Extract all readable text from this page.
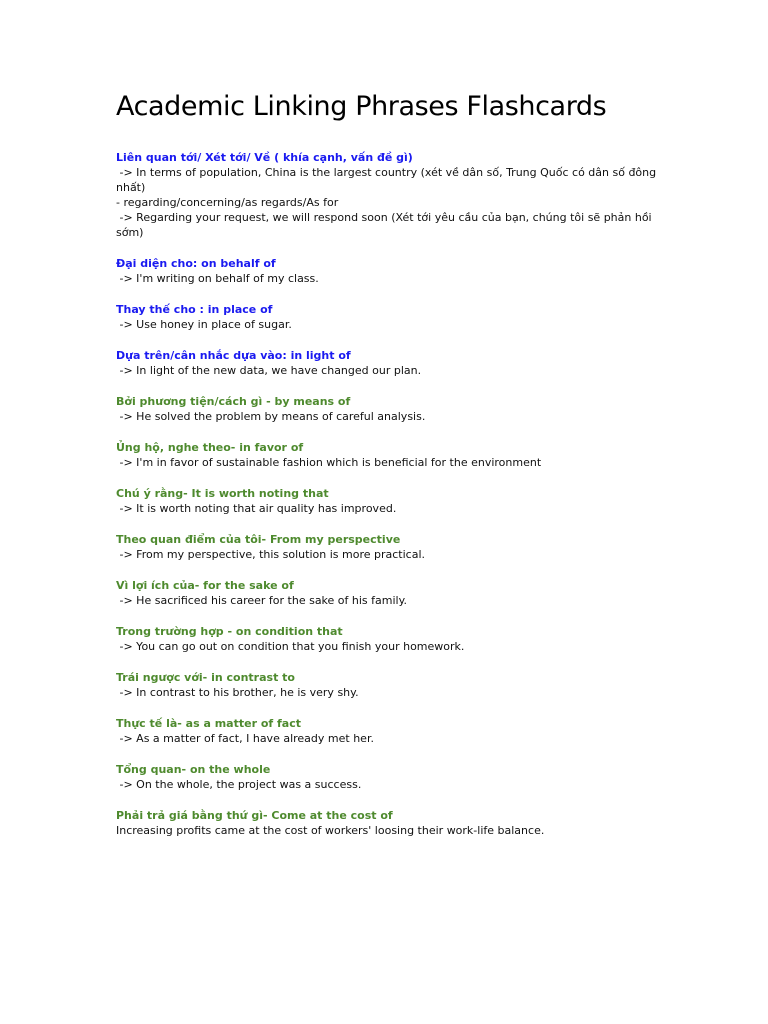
Academic Linking Phrases Flashcards
Liên quan tới/ Xét tới/ Về ( khía cạnh, vấn đề gì)
-> In terms of population, China is the largest country (xét về dân số, Trung Quốc có dân số đông nhất)
- regarding/concerning/as regards/As for
-> Regarding your request, we will respond soon (Xét tới yêu cầu của bạn, chúng tôi sẽ phản hồi sớm)
Đại diện cho: on behalf of
-> I'm writing on behalf of my class.
Thay thế cho : in place of
-> Use honey in place of sugar.
Dựa trên/cân nhắc dựa vào: in light of
-> In light of the new data, we have changed our plan.
Bởi phương tiện/cách gì - by means of
-> He solved the problem by means of careful analysis.
Ủng hộ, nghe theo- in favor of
-> I'm in favor of sustainable fashion which is beneficial for the environment
Chú ý rằng- It is worth noting that
-> It is worth noting that air quality has improved.
Theo quan điểm của tôi- From my perspective
-> From my perspective, this solution is more practical.
Vì lợi ích của- for the sake of
-> He sacrificed his career for the sake of his family.
Trong trường hợp - on condition that
-> You can go out on condition that you finish your homework.
Trái ngược với- in contrast to
-> In contrast to his brother, he is very shy.
Thực tế là- as a matter of fact
-> As a matter of fact, I have already met her.
Tổng quan- on the whole
-> On the whole, the project was a success.
Phải trả giá bằng thứ gì- Come at the cost of
Increasing profits came at the cost of workers' loosing their work-life balance.
